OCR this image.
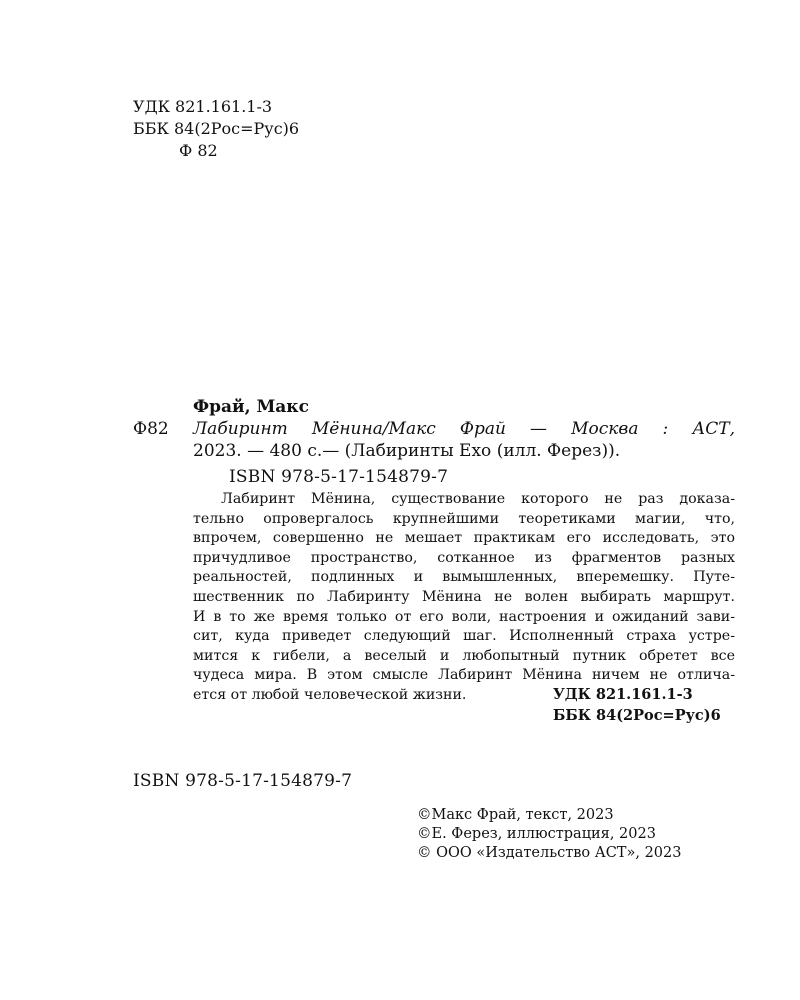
УДК 821.161.1-3
ББК 84(2Рос=Рус)6
Ф 82
Фрай, Макс
Ф82 Лабиринт Мёнина/Макс Фрай — Москва : АСТ,
2023. — 480 с.— (Лабиринты Ехо (илл. Ферез)).
ISBN 978-5-17-154879-7
Лабиринт Мёнина, существование которого не раз доказа-
тельно опровергалось крупнейшими теоретиками магии, что,
впрочем, совершенно не мешает практикам его исследовать, это
причудливое пространство, сотканное из фрагментов разных
реальностей, подлинных и вымышленных, вперемешку. Путе-
шественник по Лабиринту Мёнина не волен выбирать маршрут.
И в то же время только от его воли, настроения и ожиданий зави-
сит, куда приведет следующий шаг. Исполненный страха устре-
мится к гибели, а веселый и любопытный путник обретет все
чудеса мира. В этом смысле Лабиринт Мёнина ничем не отлича-
ется от любой человеческой жизни.	УДК 821.161.1-3
ББК 84(2Рос=Рус)6
ISBN 978-5-17-154879-7
©Макс Фрай, текст, 2023
©Е. Ферез, иллюстрация, 2023
© ООО «Издательство АСТ», 2023
